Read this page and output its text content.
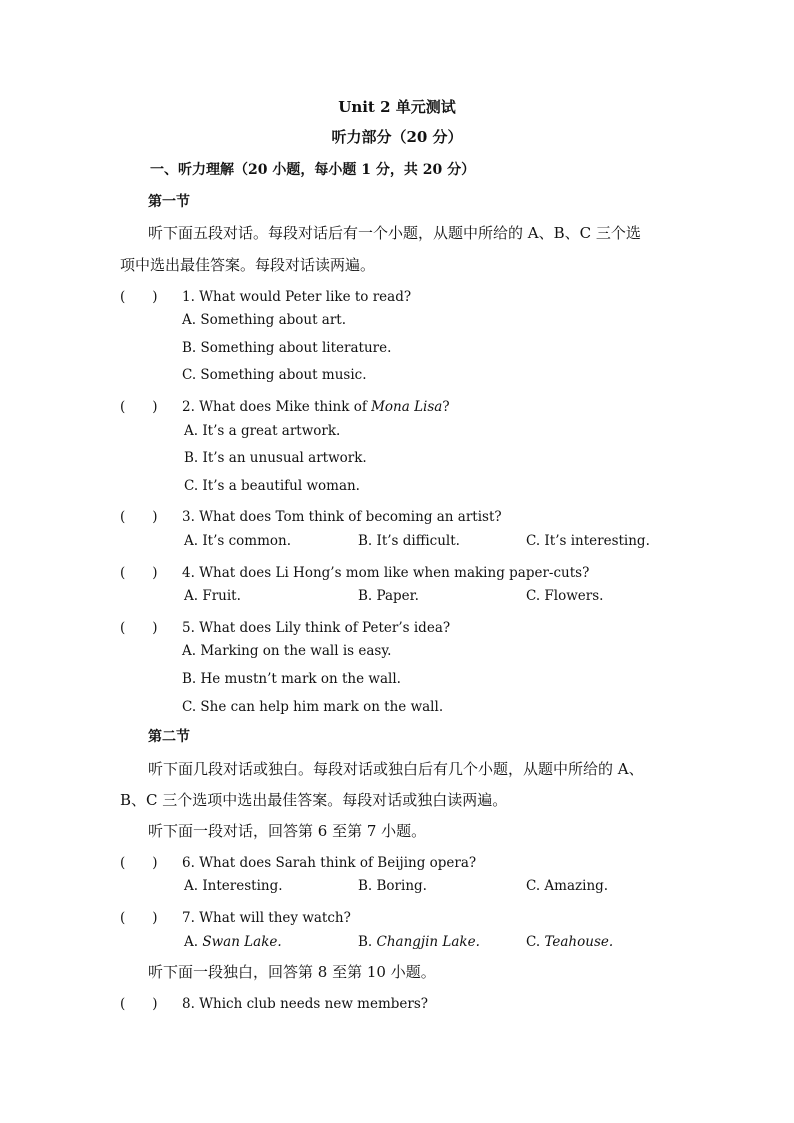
Unit 2 单元测试
听力部分（20 分）
一、听力理解（20 小题，每小题 1 分，共 20 分）
第一节
听下面五段对话。每段对话后有一个小题，从题中所给的 A、B、C 三个选
项中选出最佳答案。每段对话读两遍。
(　　) 1. What would Peter like to read?
A. Something about art.
B. Something about literature.
C. Something about music.
(　　) 2. What does Mike think of Mona Lisa?
A. It’s a great artwork.
B. It’s an unusual artwork.
C. It’s a beautiful woman.
(　　) 3. What does Tom think of becoming an artist?
A. It’s common.	B. It’s difficult.	C. It’s interesting.
(　　) 4. What does Li Hong’s mom like when making paper-cuts?
A. Fruit.	B. Paper.	C. Flowers.
(　　) 5. What does Lily think of Peter’s idea?
A. Marking on the wall is easy.
B. He mustn’t mark on the wall.
C. She can help him mark on the wall.
第二节
听下面几段对话或独白。每段对话或独白后有几个小题，从题中所给的 A、
B、C 三个选项中选出最佳答案。每段对话或独白读两遍。
听下面一段对话，回答第 6 至第 7 小题。
(　　) 6. What does Sarah think of Beijing opera?
A. Interesting.	B. Boring.	C. Amazing.
(　　) 7. What will they watch?
A. Swan Lake.	B. Changjin Lake.	C. Teahouse.
听下面一段独白，回答第 8 至第 10 小题。
(　　) 8. Which club needs new members?
